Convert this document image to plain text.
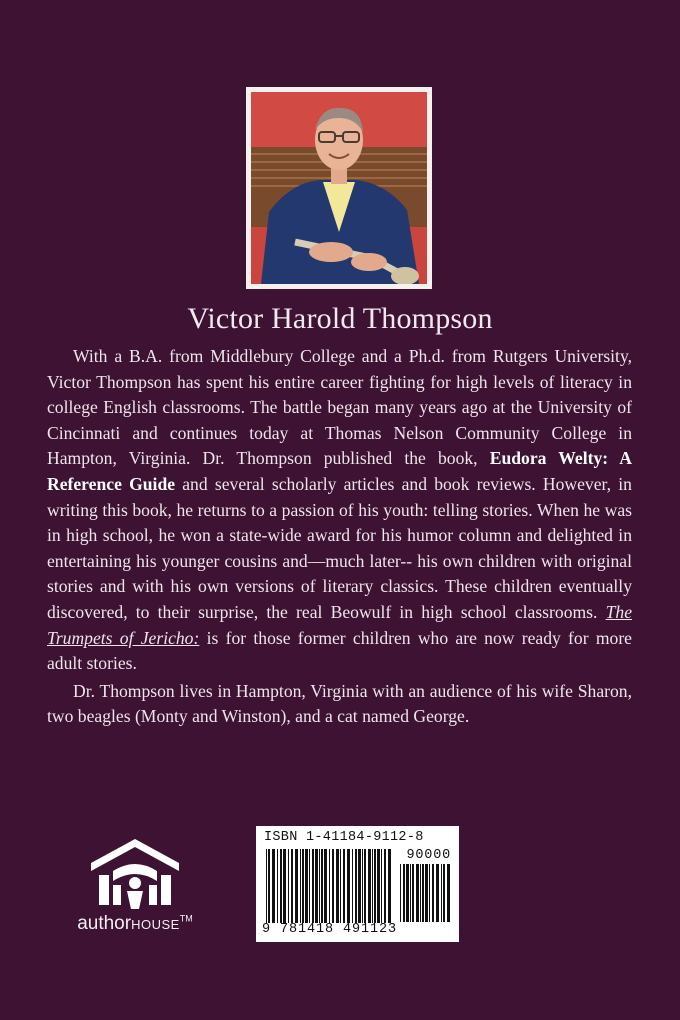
Victor Harold Thompson

With a B.A. from Middlebury College and a Ph.d. from Rutgers University, Victor Thompson has spent his entire career fighting for high levels of literacy in college English classrooms. The battle began many years ago at the University of Cincinnati and continues today at Thomas Nelson Community College in Hampton, Virginia. Dr. Thompson published the book, Eudora Welty: A Reference Guide and several scholarly articles and book reviews. However, in writing this book, he returns to a passion of his youth: telling stories. When he was in high school, he won a state-wide award for his humor column and delighted in entertaining his younger cousins and—much later-- his own children with original stories and with his own versions of literary classics. These children eventually discovered, to their surprise, the real Beowulf in high school classrooms. The Trumpets of Jericho: is for those former children who are now ready for more adult stories.

Dr. Thompson lives in Hampton, Virginia with an audience of his wife Sharon, two beagles (Monty and Winston), and a cat named George.

authorHOUSE™
ISBN 1-41184-9112-8
90000
9 781418 491123
